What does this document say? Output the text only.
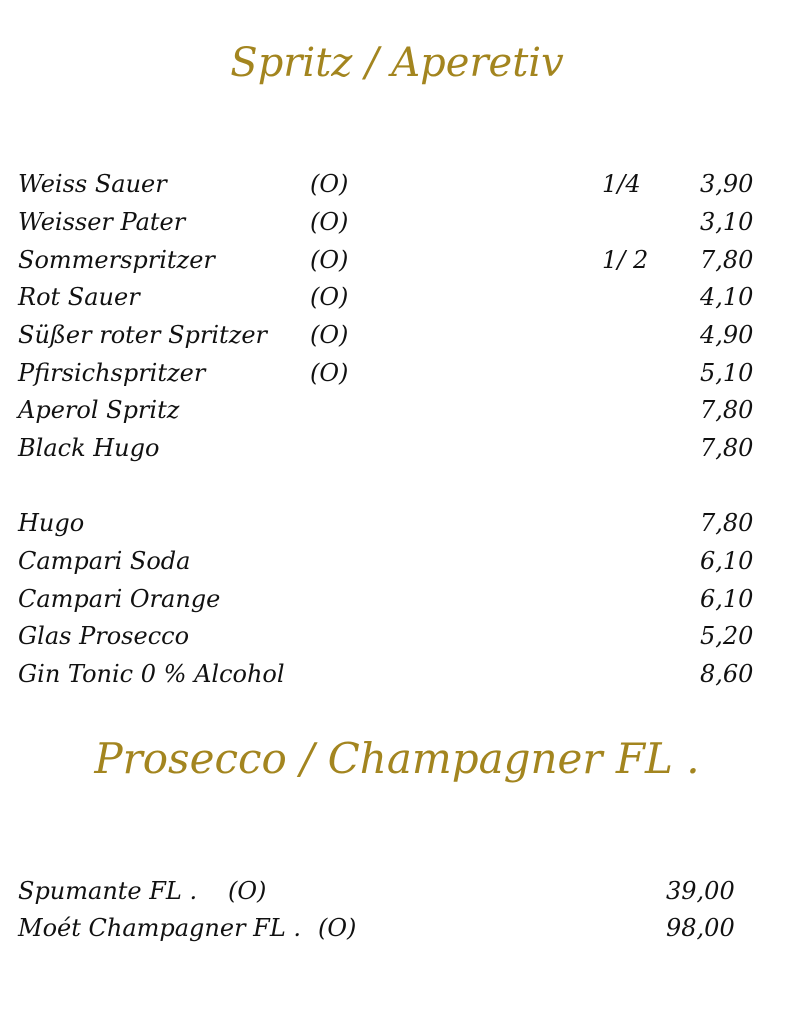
Spritz / Aperetiv
Weiss Sauer	(O)	1/4 3,90
Weisser Pater	(O)	3,10
Sommerspritzer	(O)	1/ 2 7,80
Rot Sauer	(O)	4,10
Süßer roter Spritzer (O)	4,90
Pfirsichspritzer	(O)	5,10
Aperol Spritz	7,80
Black Hugo	7,80
Hugo	7,80
Campari Soda	6,10
Campari Orange	6,10
Glas Prosecco	5,20
Gin Tonic 0 % Alcohol	8,60
Prosecco / Champagner FL .
Spumante FL . (O)	39,00
Moét Champagner FL . (O)	98,00
